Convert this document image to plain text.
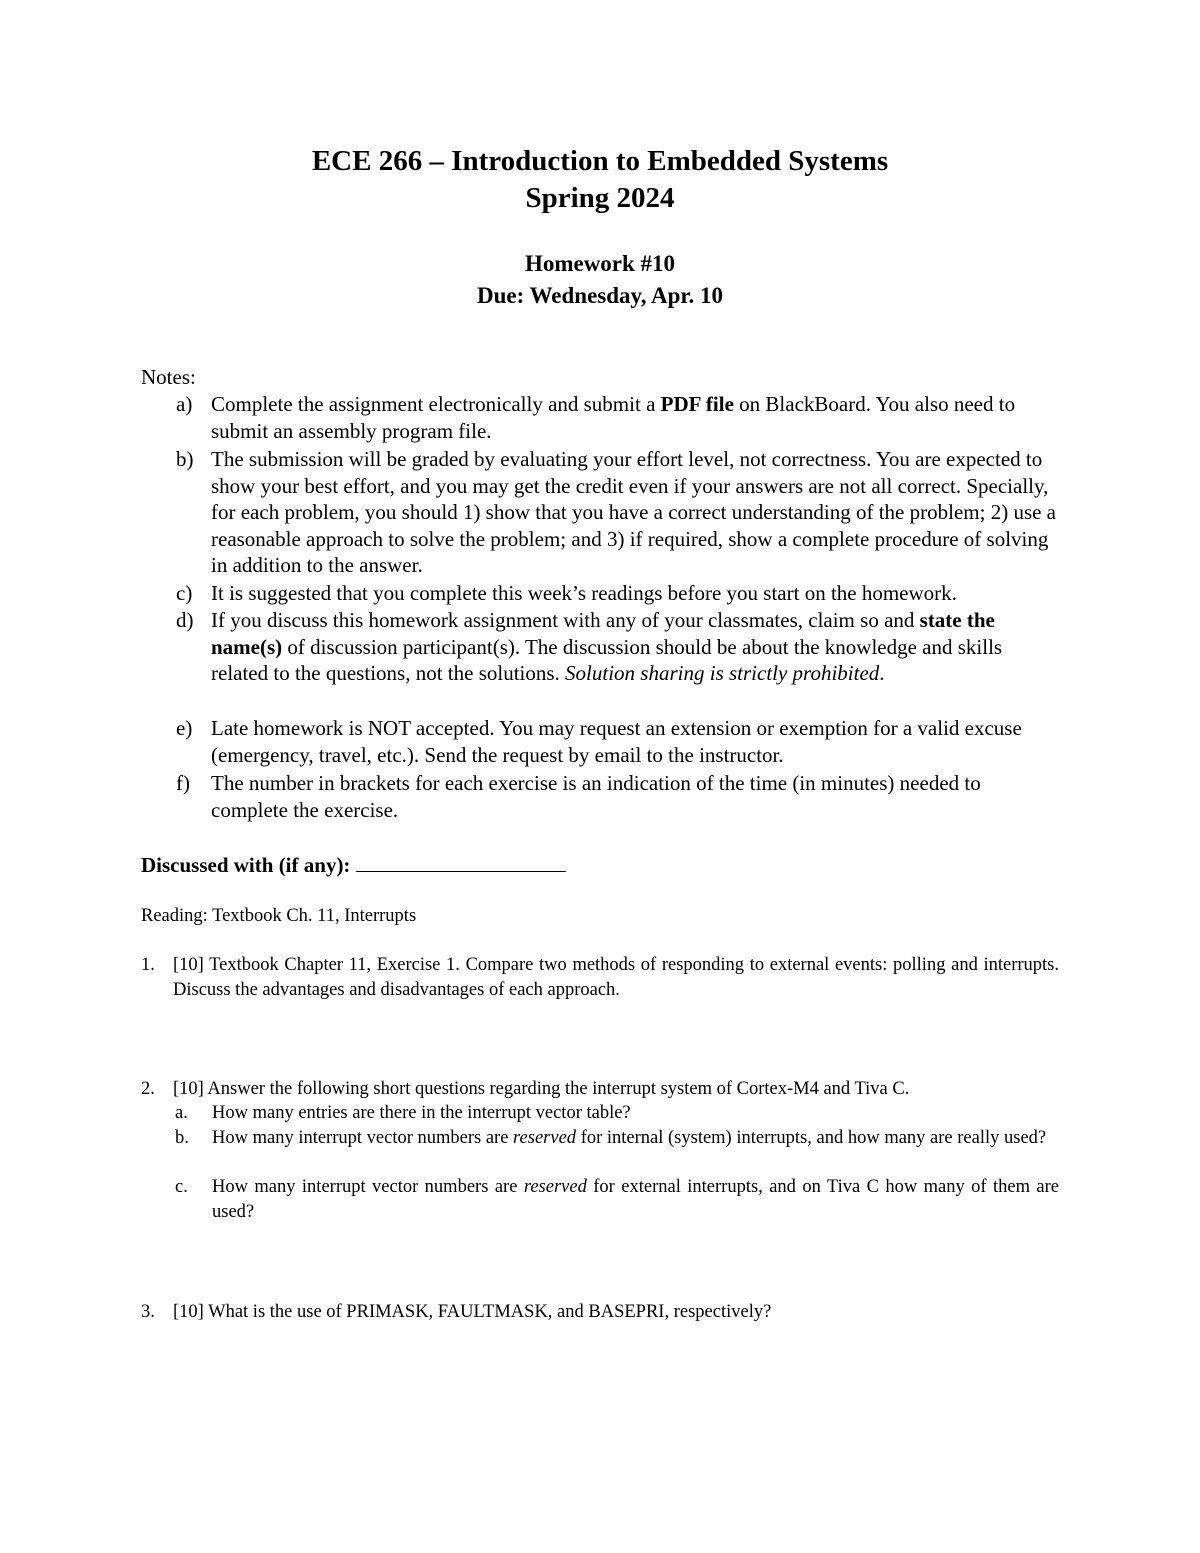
ECE 266 – Introduction to Embedded Systems
Spring 2024
Homework #10
Due: Wednesday, Apr. 10
Notes:
a) Complete the assignment electronically and submit a PDF file on BlackBoard. You also need to submit an assembly program file.
b) The submission will be graded by evaluating your effort level, not correctness. You are expected to show your best effort, and you may get the credit even if your answers are not all correct. Specially, for each problem, you should 1) show that you have a correct understanding of the problem; 2) use a reasonable approach to solve the problem; and 3) if required, show a complete procedure of solving in addition to the answer.
c) It is suggested that you complete this week’s readings before you start on the homework.
d) If you discuss this homework assignment with any of your classmates, claim so and state the name(s) of discussion participant(s). The discussion should be about the knowledge and skills related to the questions, not the solutions. Solution sharing is strictly prohibited.
e) Late homework is NOT accepted. You may request an extension or exemption for a valid excuse (emergency, travel, etc.). Send the request by email to the instructor.
f) The number in brackets for each exercise is an indication of the time (in minutes) needed to complete the exercise.
Discussed with (if any):
Reading: Textbook Ch. 11, Interrupts
1. [10] Textbook Chapter 11, Exercise 1. Compare two methods of responding to external events: polling and interrupts. Discuss the advantages and disadvantages of each approach.
2. [10] Answer the following short questions regarding the interrupt system of Cortex-M4 and Tiva C.
a. How many entries are there in the interrupt vector table?
b. How many interrupt vector numbers are reserved for internal (system) interrupts, and how many are really used?
c. How many interrupt vector numbers are reserved for external interrupts, and on Tiva C how many of them are used?
3. [10] What is the use of PRIMASK, FAULTMASK, and BASEPRI, respectively?
